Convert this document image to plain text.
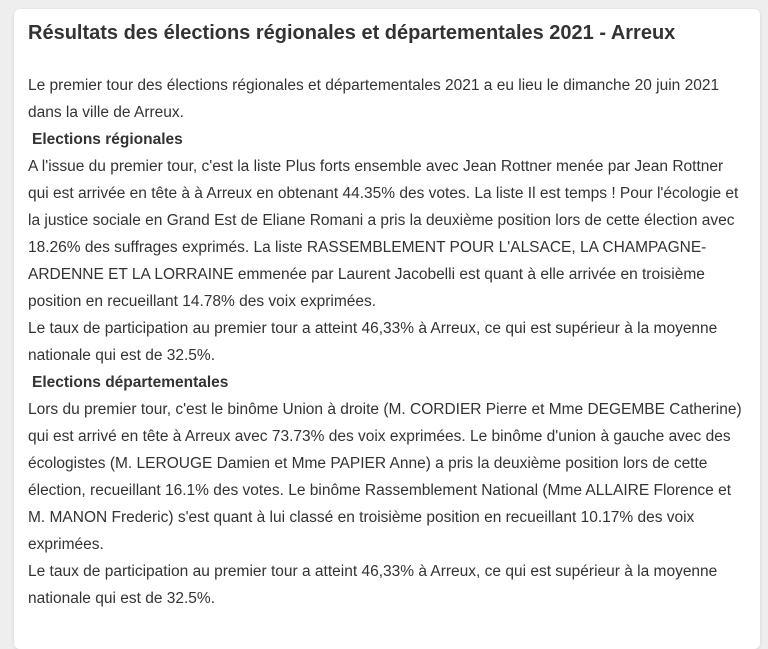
Résultats des élections régionales et départementales 2021 - Arreux

Le premier tour des élections régionales et départementales 2021 a eu lieu le dimanche 20 juin 2021 dans la ville de Arreux.

Elections régionales

A l'issue du premier tour, c'est la liste Plus forts ensemble avec Jean Rottner menée par Jean Rottner qui est arrivée en tête à à Arreux en obtenant 44.35% des votes. La liste Il est temps ! Pour l'écologie et la justice sociale en Grand Est de Eliane Romani a pris la deuxième position lors de cette élection avec 18.26% des suffrages exprimés. La liste RASSEMBLEMENT POUR L'ALSACE, LA CHAMPAGNE-ARDENNE ET LA LORRAINE emmenée par Laurent Jacobelli est quant à elle arrivée en troisième position en recueillant 14.78% des voix exprimées.

Le taux de participation au premier tour a atteint 46,33% à Arreux, ce qui est supérieur à la moyenne nationale qui est de 32.5%.

Elections départementales

Lors du premier tour, c'est le binôme Union à droite (M. CORDIER Pierre et Mme DEGEMBE Catherine) qui est arrivé en tête à Arreux avec 73.73% des voix exprimées. Le binôme d'union à gauche avec des écologistes (M. LEROUGE Damien et Mme PAPIER Anne) a pris la deuxième position lors de cette élection, recueillant 16.1% des votes. Le binôme Rassemblement National (Mme ALLAIRE Florence et M. MANON Frederic) s'est quant à lui classé en troisième position en recueillant 10.17% des voix exprimées.

Le taux de participation au premier tour a atteint 46,33% à Arreux, ce qui est supérieur à la moyenne nationale qui est de 32.5%.
